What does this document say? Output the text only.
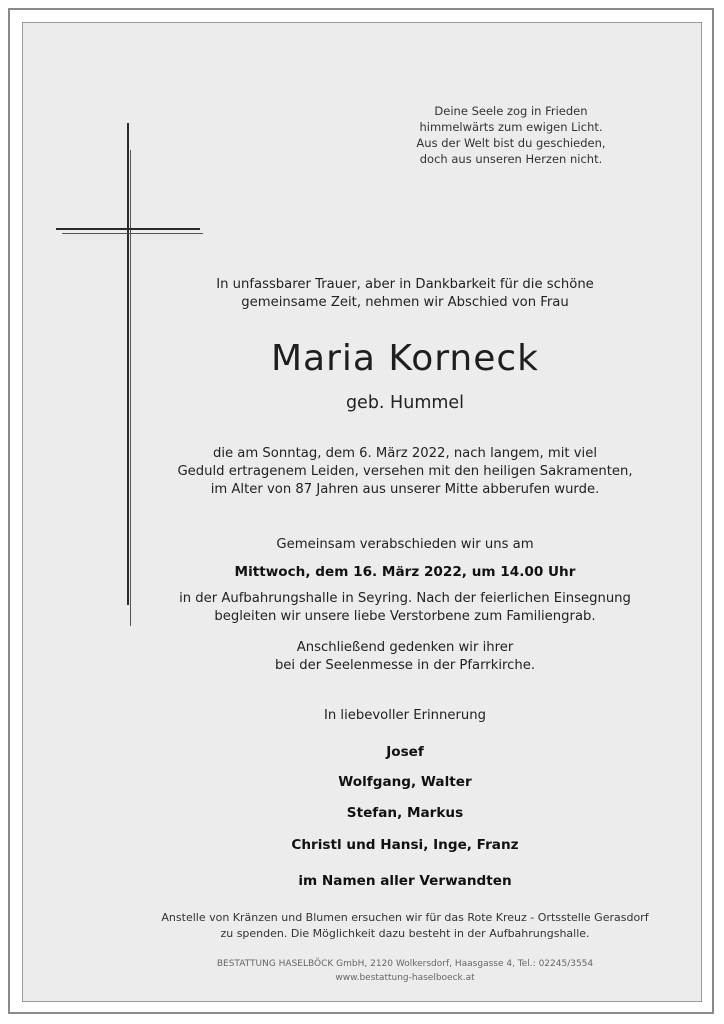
Deine Seele zog in Frieden
himmelwärts zum ewigen Licht.
Aus der Welt bist du geschieden,
doch aus unseren Herzen nicht.
In unfassbarer Trauer, aber in Dankbarkeit für die schöne
gemeinsame Zeit, nehmen wir Abschied von Frau
Maria Korneck
geb. Hummel
die am Sonntag, dem 6. März 2022, nach langem, mit viel
Geduld ertragenem Leiden, versehen mit den heiligen Sakramenten,
im Alter von 87 Jahren aus unserer Mitte abberufen wurde.
Gemeinsam verabschieden wir uns am
Mittwoch, dem 16. März 2022, um 14.00 Uhr
in der Aufbahrungshalle in Seyring. Nach der feierlichen Einsegnung
begleiten wir unsere liebe Verstorbene zum Familiengrab.
Anschließend gedenken wir ihrer
bei der Seelenmesse in der Pfarrkirche.
In liebevoller Erinnerung
Josef
Wolfgang, Walter
Stefan, Markus
Christl und Hansi, Inge, Franz
im Namen aller Verwandten
Anstelle von Kränzen und Blumen ersuchen wir für das Rote Kreuz - Ortsstelle Gerasdorf
zu spenden. Die Möglichkeit dazu besteht in der Aufbahrungshalle.
BESTATTUNG HASELBÖCK GmbH, 2120 Wolkersdorf, Haasgasse 4, Tel.: 02245/3554
www.bestattung-haselboeck.at
